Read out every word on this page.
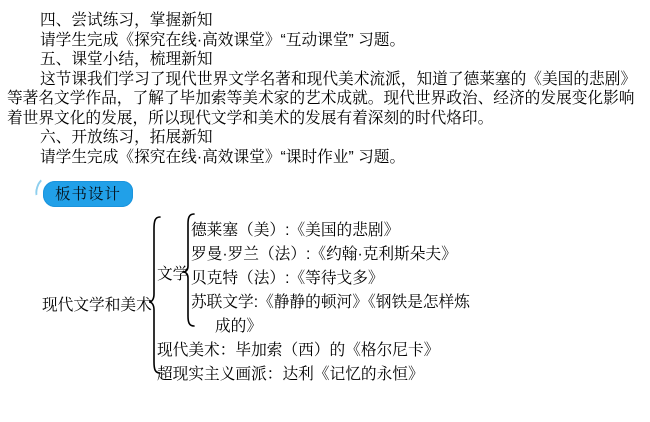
四、尝试练习，掌握新知
请学生完成《探究在线·高效课堂》“互动课堂” 习题。
五、课堂小结，梳理新知
这节课我们学习了现代世界文学名著和现代美术流派，知道了德莱塞的《美国的悲剧》
等著名文学作品，了解了毕加索等美术家的艺术成就。现代世界政治、经济的发展变化影响
着世界文化的发展，所以现代文学和美术的发展有着深刻的时代烙印。
六、开放练习，拓展新知
请学生完成《探究在线·高效课堂》“课时作业” 习题。
板书设计
现代文学和美术
文学
德莱塞（美）:《美国的悲剧》
罗曼·罗兰（法）:《约翰·克利斯朵夫》
贝克特（法）:《等待戈多》
苏联文学:《静静的顿河》《钢铁是怎样炼
成的》
现代美术：毕加索（西）的《格尔尼卡》
超现实主义画派：达利《记忆的永恒》
